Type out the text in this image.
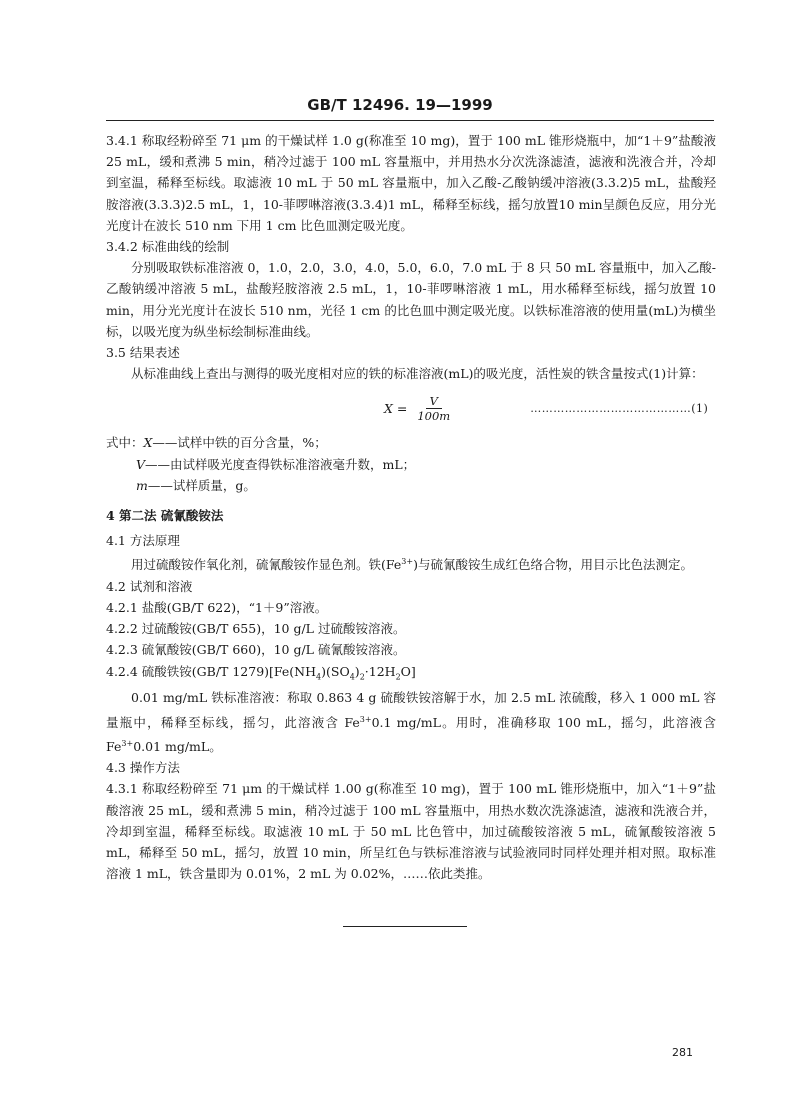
GB/T 12496. 19—1999

3.4.1 称取经粉碎至 71 μm 的干燥试样 1.0 g(称准至 10 mg)，置于 100 mL 锥形烧瓶中，加“1＋9”盐酸液 25 mL，缓和煮沸 5 min，稍冷过滤于 100 mL 容量瓶中，并用热水分次洗涤滤渣，滤液和洗液合并，冷却到室温，稀释至标线。取滤液 10 mL 于 50 mL 容量瓶中，加入乙酸-乙酸钠缓冲溶液(3.3.2)5 mL，盐酸羟胺溶液(3.3.3)2.5 mL，1，10-菲啰啉溶液(3.3.4)1 mL，稀释至标线，摇匀放置10 min呈颜色反应，用分光光度计在波长 510 nm 下用 1 cm 比色皿测定吸光度。

3.4.2 标准曲线的绘制

分别吸取铁标准溶液 0，1.0，2.0，3.0，4.0，5.0，6.0，7.0 mL 于 8 只 50 mL 容量瓶中，加入乙酸-乙酸钠缓冲溶液 5 mL，盐酸羟胺溶液 2.5 mL，1，10-菲啰啉溶液 1 mL，用水稀释至标线，摇匀放置 10 min，用分光光度计在波长 510 nm，光径 1 cm 的比色皿中测定吸光度。以铁标准溶液的使用量(mL)为横坐标，以吸光度为纵坐标绘制标准曲线。

3.5 结果表述

从标准曲线上查出与测得的吸光度相对应的铁的标准溶液(mL)的吸光度，活性炭的铁含量按式(1)计算：

$X = \frac{V}{100m}$	……………………………………(1)
式中： X ——试样中铁的百分含量，%；
V ——由试样吸光度查得铁标准溶液毫升数，mL；
m ——试样质量，g。

4 第二法 硫氰酸铵法

4.1 方法原理

用过硫酸铵作氧化剂，硫氰酸铵作显色剂。铁$(Fe^{3+})$与硫氰酸铵生成红色络合物，用目示比色法测定。

4.2 试剂和溶液

4.2.1 盐酸(GB/T 622)，“1＋9”溶液。

4.2.2 过硫酸铵(GB/T 655)，10 g/L 过硫酸铵溶液。

4.2.3 硫氰酸铵(GB/T 660)，10 g/L 硫氰酸铵溶液。

4.2.4 硫酸铁铵(GB/T $1279)[Fe(NH_4)(SO_4)_2\cdot 12H_2O]$

0.01 mg/mL 铁标准溶液：称取 0.863 4 g 硫酸铁铵溶解于水，加 2.5 mL 浓硫酸，移入 1 000 mL 容量瓶中，稀释至标线，摇匀，此溶液含 $Fe^{3+}0.1$ mg/mL。用时，准确移取 100 mL，摇匀，此溶液含 $Fe^{3+}0.01$ mg/mL。

4.3 操作方法

4.3.1 称取经粉碎至 71 μm 的干燥试样 1.00 g(称准至 10 mg)，置于 100 mL 锥形烧瓶中，加入“1＋9”盐酸溶液 25 mL，缓和煮沸 5 min，稍冷过滤于 100 mL 容量瓶中，用热水数次洗涤滤渣，滤液和洗液合并，冷却到室温，稀释至标线。取滤液 10 mL 于 50 mL 比色管中，加过硫酸铵溶液 5 mL，硫氰酸铵溶液 5 mL，稀释至 50 mL，摇匀，放置 10 min，所呈红色与铁标准溶液与试验液同时同样处理并相对照。取标准溶液 1 mL，铁含量即为 0.01%，2 mL 为 0.02%，……依此类推。

281
